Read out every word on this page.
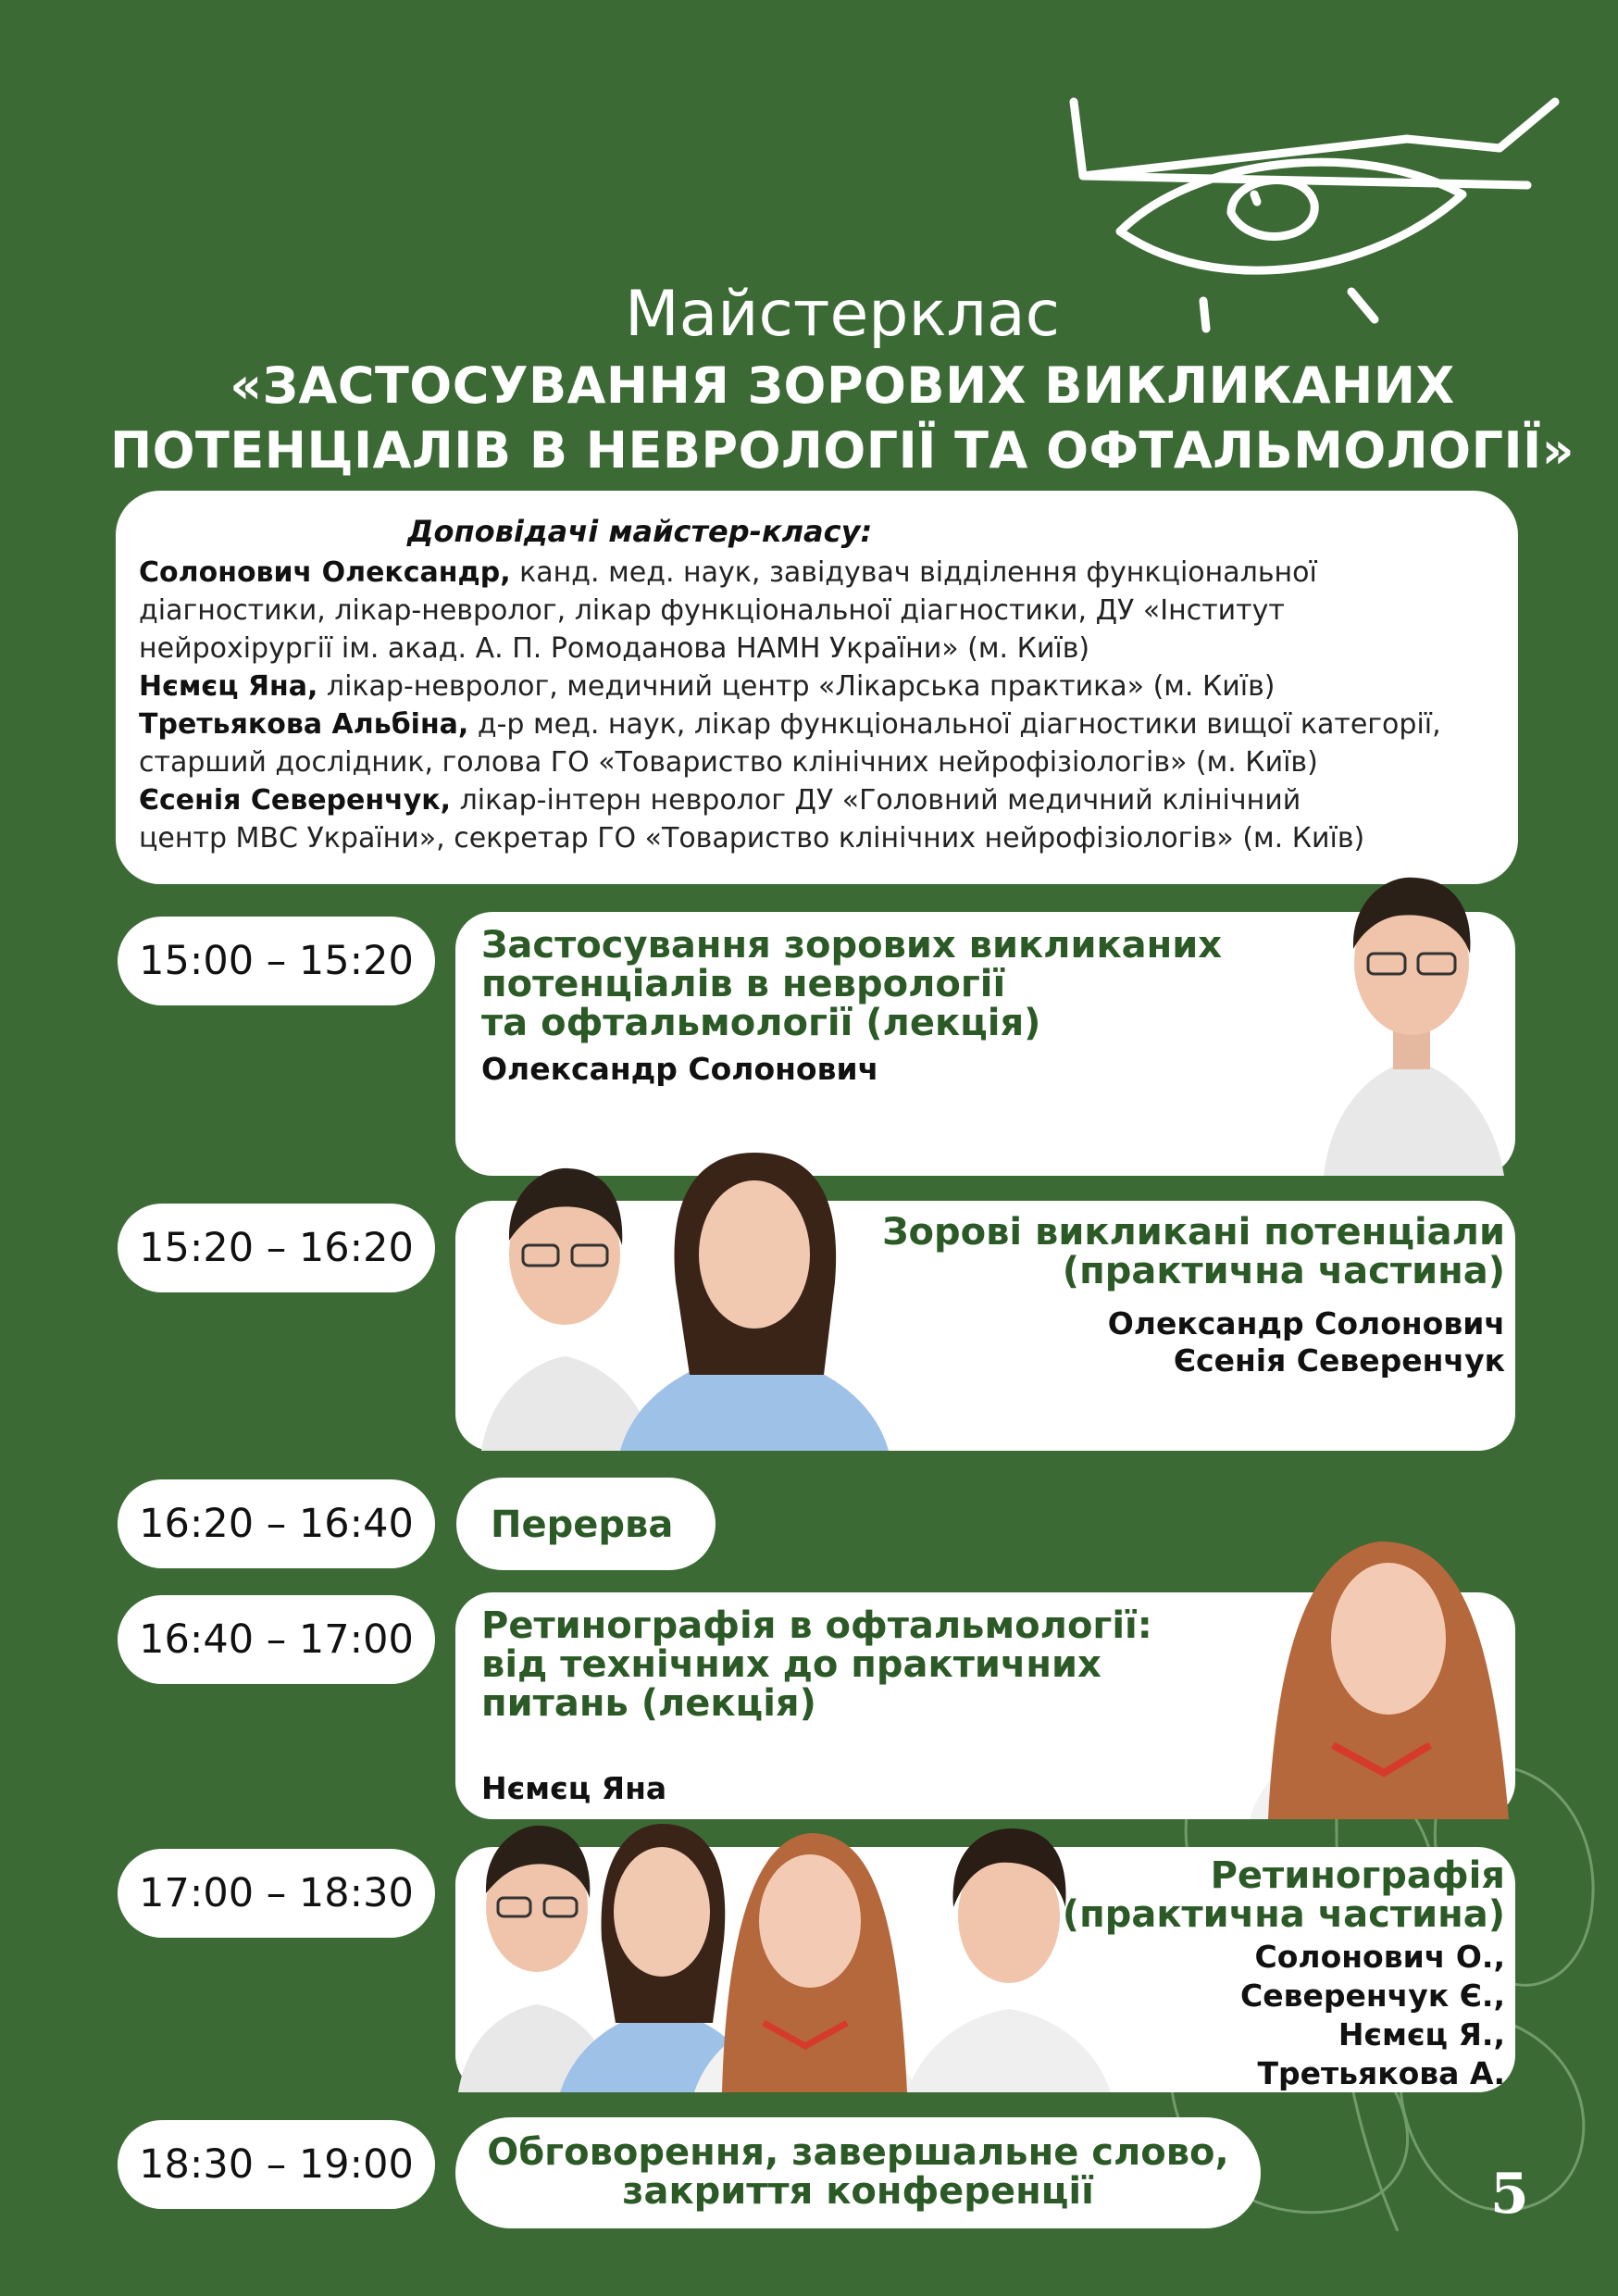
Майстерклас
«ЗАСТОСУВАННЯ ЗОРОВИХ ВИКЛИКАНИХ
ПОТЕНЦІАЛІВ В НЕВРОЛОГІЇ ТА ОФТАЛЬМОЛОГІЇ»
Доповідачі майстер-класу:
Солонович Олександр, канд. мед. наук, завідувач відділення функціональної
діагностики, лікар-невролог, лікар функціональної діагностики, ДУ «Інститут
нейрохірургії ім. акад. А. П. Ромоданова НАМН України» (м. Київ)
Нємєц Яна, лікар-невролог, медичний центр «Лікарська практика» (м. Київ)
Третьякова Альбіна, д-р мед. наук, лікар функціональної діагностики вищої категорії,
старший дослідник, голова ГО «Товариство клінічних нейрофізіологів» (м. Київ)
Єсенія Северенчук, лікар-інтерн невролог ДУ «Головний медичний клінічний
центр МВС України», секретар ГО «Товариство клінічних нейрофізіологів» (м. Київ)
15:00 – 15:20	Застосування зорових викликаних
потенціалів в неврології
та офтальмології (лекція)
Олександр Солонович
15:20 – 16:20	Зорові викликані потенціали
(практична частина)
Олександр Солонович
Єсенія Северенчук
16:20 – 16:40	Перерва
16:40 – 17:00	Ретинографія в офтальмології:
від технічних до практичних
питань (лекція)
Нємєц Яна
17:00 – 18:30	Ретинографія
(практична частина)
Солонович О.,
Северенчук Є.,
Нємєц Я.,
Третьякова А.
18:30 – 19:00	Обговорення, завершальне слово,
закриття конференції	5
